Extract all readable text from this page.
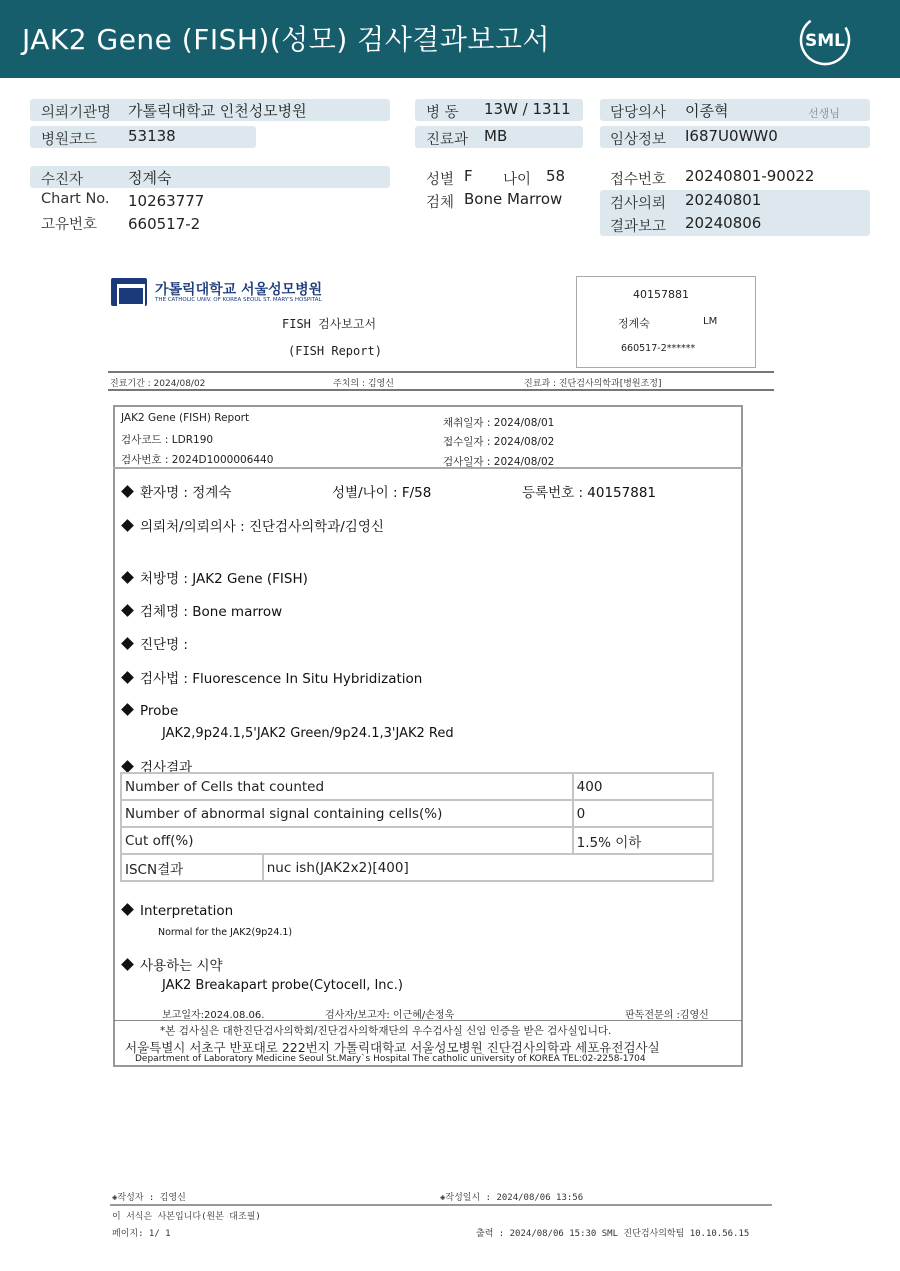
JAK2 Gene (FISH)(성모) 검사결과보고서	SML
의뢰기관명 가톨릭대학교 인천성모병원
병원코드 53138
병 동 13W / 1311
진료과 MB
담당의사 이종혁	선생님
임상정보 I687U0WW0
수진자	정계숙
Chart No. 10263777
고유번호 660517-2
성별 F 나이 58
검체 Bone Marrow
접수번호 20240801-90022
검사의뢰 20240801
결과보고 20240806
가톨릭대학교 서울성모병원
THE CATHOLIC UNIV. OF KOREA SEOUL ST. MARY'S HOSPITAL
FISH 검사보고서
(FISH Report)
40157881
정계숙	LM
660517-2******
진료기간 : 2024/08/02	주치의 : 김영신	진료과 : 진단검사의학과[병원조정]
JAK2 Gene (FISH) Report
검사코드 : LDR190
검사번호 : 2024D1000006440
채취일자 : 2024/08/01
접수일자 : 2024/08/02
검사일자 : 2024/08/02
환자명 : 정계숙	성별/나이 : F/58	등록번호 : 40157881
의뢰처/의뢰의사 : 진단검사의학과/김영신
처방명 : JAK2 Gene (FISH)
검체명 : Bone marrow
진단명 :
검사법 : Fluorescence In Situ Hybridization
Probe
JAK2,9p24.1,5'JAK2 Green/9p24.1,3'JAK2 Red
검사결과
Number of Cells that counted		400
Number of abnormal signal containing cells(%)		0
Cut off(%)		1.5% 이하
ISCN결과	nuc ish(JAK2x2)[400]	
Interpretation
Normal for the JAK2(9p24.1)
사용하는 시약
JAK2 Breakapart probe(Cytocell, Inc.)
보고일자:2024.08.06.	검사자/보고자: 이근혜/손정욱	판독전문의 :김영신
*본 검사실은 대한진단검사의학회/진단검사의학재단의 우수검사실 신임 인증을 받은 검사실입니다.
서울특별시 서초구 반포대로 222번지 가톨릭대학교 서울성모병원 진단검사의학과 세포유전검사실
Department of Laboratory Medicine Seoul St.Mary`s Hospital The catholic university of KOREA TEL:02-2258-1704
◈작성자 : 김영신	◈작성일시 : 2024/08/06 13:56
이 서식은 사본입니다(원본 대조필)
페이지: 1/ 1	출력 : 2024/08/06 15:30 SML 진단검사의학팀 10.10.56.15
